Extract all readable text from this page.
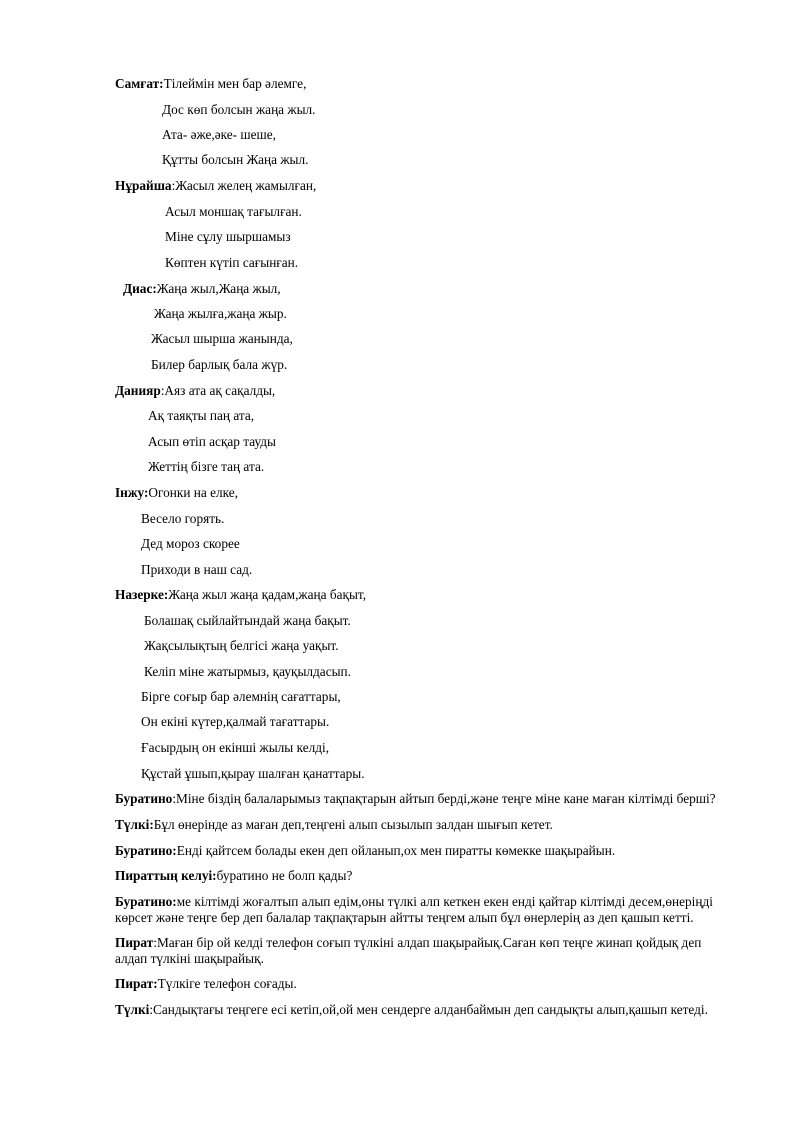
Самғат:Тілеймін мен бар әлемге,
Дос көп болсын жаңа жыл.
Ата- әже,әке- шеше,
Құтты болсын Жаңа жыл.
Нұрайша:Жасыл желең жамылған,
Асыл моншақ тағылған.
Міне сұлу шыршамыз
Көптен күтіп сағынған.
Диас:Жаңа жыл,Жаңа жыл,
Жаңа жылға,жаңа жыр.
Жасыл шырша жанында,
Билер барлық бала жүр.
Данияр:Аяз ата ақ сақалды,
Ақ таяқты паң ата,
Асып өтіп асқар тауды
Жеттің бізге таң ата.
Інжу:Огонки на елке,
Весело горять.
Дед мороз скорее
Приходи в наш сад.
Назерке:Жаңа жыл жаңа қадам,жаңа бақыт,
Болашақ сыйлайтындай жаңа бақыт.
Жақсылықтың белгісі жаңа уақыт.
Келіп міне жатырмыз, қауқылдасып.
Бірге соғыр бар әлемнің сағаттары,
Он екіні күтер,қалмай тағаттары.
Ғасырдың он екінші жылы келді,
Құстай ұшып,қырау шалған қанаттары.
Буратино:Міне біздің балаларымыз тақпақтарын айтып берді,және теңге міне кане маған кілтімді берші?
Түлкі:Бұл өнерінде аз маған деп,теңгені алып сызылып залдан шығып кетет.
Буратино:Енді қайтсем болады екен деп ойланып,ох мен пиратты көмекке шақырайын.
Пираттың келуі:буратино не болп қады?
Буратино:ме кілтімді жоғалтып алып едім,оны түлкі алп кеткен екен енді қайтар кілтімді десем,өнеріңді көрсет және теңге бер деп балалар тақпақтарын айтты теңгем алып бұл өнерлерің аз деп қашып кетті.
Пират:Маған бір ой келді телефон соғып түлкіні алдап шақырайық.Саған көп теңге жинап қойдық деп алдап түлкіні шақырайық.
Пират:Түлкіге телефон соғады.
Түлкі:Сандықтағы теңгеге есі кетіп,ой,ой мен сендерге алданбаймын деп сандықты алып,қашып кетеді.
